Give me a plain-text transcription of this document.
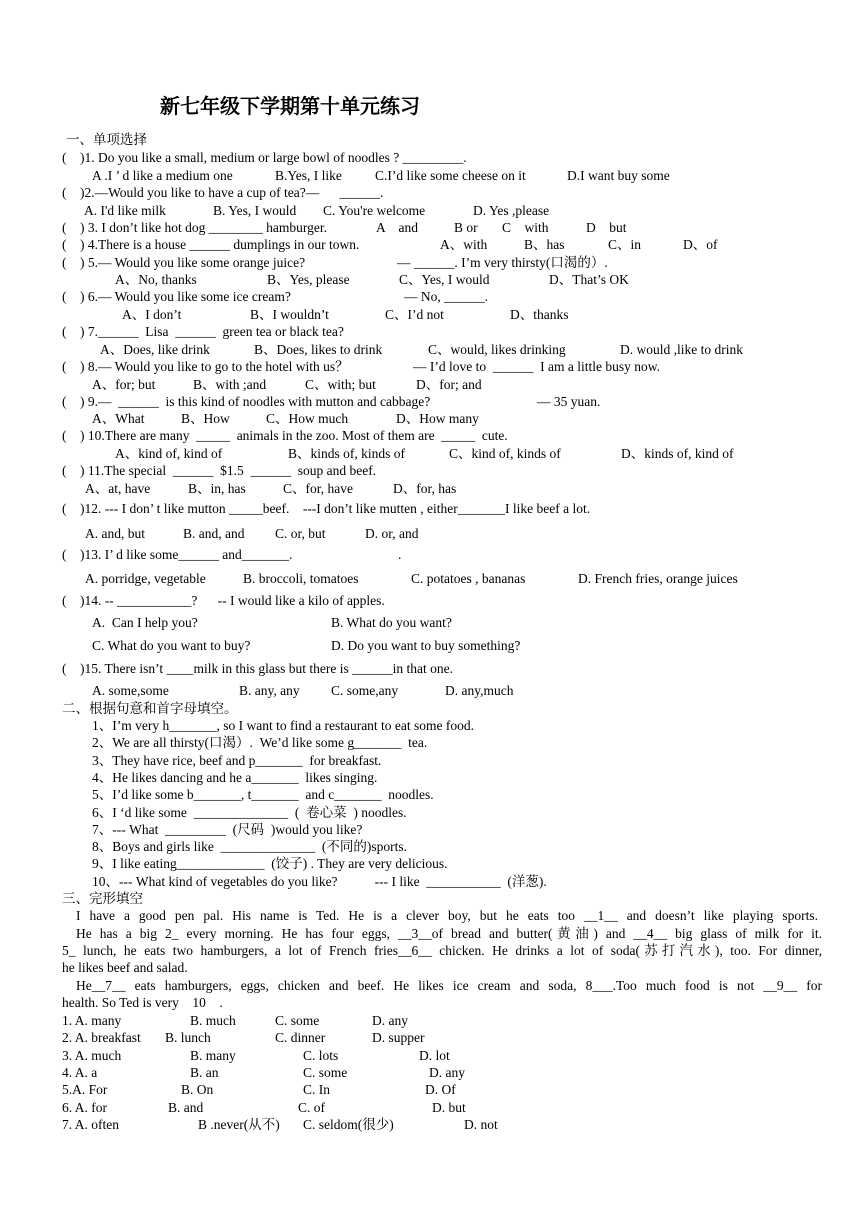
新七年级下学期第十单元练习
一、单项选择
(    )1. Do you like a small, medium or large bowl of noodles ? _________.
A .I ’ d like a medium one	B.Yes, I like C.I’d like some cheese on it	D.I want buy some
(    )2.—Would you like to have a cup of tea?—      ______.
A. I'd like milk	B. Yes, I would C. You're welcome	D. Yes ,please
(    ) 3. I don’t like hot dog ________ hamburger.	A    and	B or C    with	D    but
(    ) 4.There is a house ______ dumplings in our town.	A、with	B、has	C、in	D、of
(    ) 5.— Would you like some orange juice?	— ______. I’m very thirsty(口渴的）.
A、No, thanks	B、Yes, please	C、Yes, I would	D、That’s OK
(    ) 6.— Would you like some ice cream?	— No, ______.
A、I don’t	B、I wouldn’t	C、I’d not	D、thanks
(    ) 7.______  Lisa  ______  green tea or black tea?
A、Does, like drink	B、Does, likes to drink	C、would, likes drinking	D. would ,like to drink
(    ) 8.— Would you like to go to the hotel with us？	— I’d love to  ______  I am a little busy now.
A、for; but	B、with ;and	C、with; but	D、for; and
(    ) 9.—  ______  is this kind of noodles with mutton and cabbage?	— 35 yuan.
A、What	B、How	C、How much	D、How many
(    ) 10.There are many  _____  animals in the zoo. Most of them are  _____  cute.
A、kind of, kind of	B、kinds of, kinds of	C、kind of, kinds of	D、kinds of, kind of
(    ) 11.The special  ______  $1.5  ______  soup and beef.
A、at, have	B、in, has	C、for, have	D、for, has
(    )12. --- I don’ t like mutton _____beef.    ---I don’t like mutten , either_______I like beef a lot.
A. and, but	B. and, and C. or, but	D. or, and
(    )13. I’ d like some______ and_______.	.
A. porridge, vegetable	B. broccoli, tomatoes	C. potatoes , bananas	D. French fries, orange juices
(    )14. -- ___________?      -- I would like a kilo of apples.
A.  Can I help you?	B. What do you want?
C. What do you want to buy?	D. Do you want to buy something?
(    )15. There isn’t ____milk in this glass but there is ______in that one.
A. some,some	B. any, any C. some,any	D. any,much
二、根据句意和首字母填空。
1、I’m very h_______, so I want to find a restaurant to eat some food.
2、We are all thirsty(口渴）.  We’d like some g_______  tea.
3、They have rice, beef and p_______  for breakfast.
4、He likes dancing and he a_______  likes singing.
5、I’d like some b_______, t_______  and c_______  noodles.
6、I ‘d like some  ______________  (  卷心菜  ) noodles.
7、--- What  _________  (尺码  )would you like?
8、Boys and girls like  ______________  (不同的)sports.
9、I like eating_____________  (饺子) . They are very delicious.
10、--- What kind of vegetables do you like?           --- I like  ___________  (洋葱).
三、完形填空
I have a good pen pal. His name is Ted. He is a clever boy, but he eats too __1__ and doesn’t like playing sports.
He has a big 2_ every morning. He has four eggs, __3__of bread and butter(黄油) and __4__ big glass of milk for it.
5_ lunch, he eats two hamburgers, a lot of French fries__6__ chicken. He drinks a lot of soda(苏打汽水), too. For dinner,
he likes beef and salad.
He__7__ eats hamburgers, eggs, chicken and beef. He likes ice cream and soda, 8___.Too much food is not __9__ for
health. So Ted is very    10    .
1. A. many	B. much	C. some	D. any
2. A. breakfast B. lunch	C. dinner	D. supper
3. A. much	B. many	C. lots	D. lot
4. A. a	B. an	C. some	D. any
5.A. For	B. On	C. In	D. Of
6. A. for	B. and	C. of	D. but
7. A. often	B .never(从不) C. seldom(很少)	D. not
